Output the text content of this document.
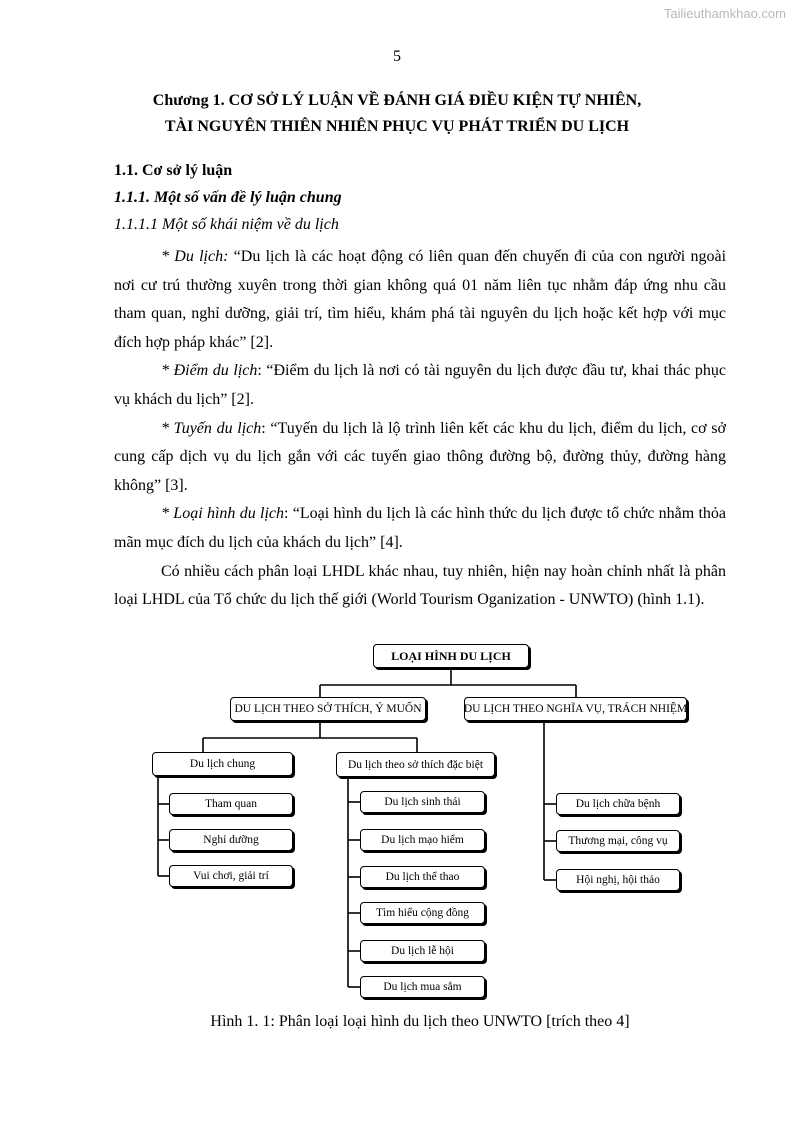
Tailieuthamkhao.com
5
Chương 1. CƠ SỞ LÝ LUẬN VỀ ĐÁNH GIÁ ĐIỀU KIỆN TỰ NHIÊN,
TÀI NGUYÊN THIÊN NHIÊN PHỤC VỤ PHÁT TRIỂN DU LỊCH
1.1. Cơ sở lý luận
1.1.1. Một số vấn đề lý luận chung
1.1.1.1 Một số khái niệm về du lịch

* Du lịch: “Du lịch là các hoạt động có liên quan đến chuyến đi của con người ngoài nơi cư trú thường xuyên trong thời gian không quá 01 năm liên tục nhằm đáp ứng nhu cầu tham quan, nghỉ dưỡng, giải trí, tìm hiểu, khám phá tài nguyên du lịch hoặc kết hợp với mục đích hợp pháp khác” [2].

* Điểm du lịch: “Điểm du lịch là nơi có tài nguyên du lịch được đầu tư, khai thác phục vụ khách du lịch” [2].

* Tuyến du lịch: “Tuyến du lịch là lộ trình liên kết các khu du lịch, điểm du lịch, cơ sở cung cấp dịch vụ du lịch gắn với các tuyến giao thông đường bộ, đường thủy, đường hàng không” [3].

* Loại hình du lịch: “Loại hình du lịch là các hình thức du lịch được tổ chức nhằm thỏa mãn mục đích du lịch của khách du lịch” [4].

Có nhiều cách phân loại LHDL khác nhau, tuy nhiên, hiện nay hoàn chỉnh nhất là phân loại LHDL của Tổ chức du lịch thế giới (World Tourism Oganization - UNWTO) (hình 1.1).

LOẠI HÌNH DU LỊCH
DU LỊCH THEO SỞ THÍCH, Ý MUỐN	DU LỊCH THEO NGHĨA VỤ, TRÁCH NHIỆM
Du lịch chung	Du lịch theo sở thích đặc biệt
Tham quan
Nghỉ dưỡng
Vui chơi, giải trí
Du lịch sinh thái
Du lịch mạo hiểm
Du lịch thể thao
Tìm hiểu cộng đồng
Du lịch lễ hội
Du lịch mua sắm
Du lịch chữa bệnh
Thương mại, công vụ
Hội nghị, hội thảo
Hình 1. 1: Phân loại loại hình du lịch theo UNWTO [trích theo 4]
